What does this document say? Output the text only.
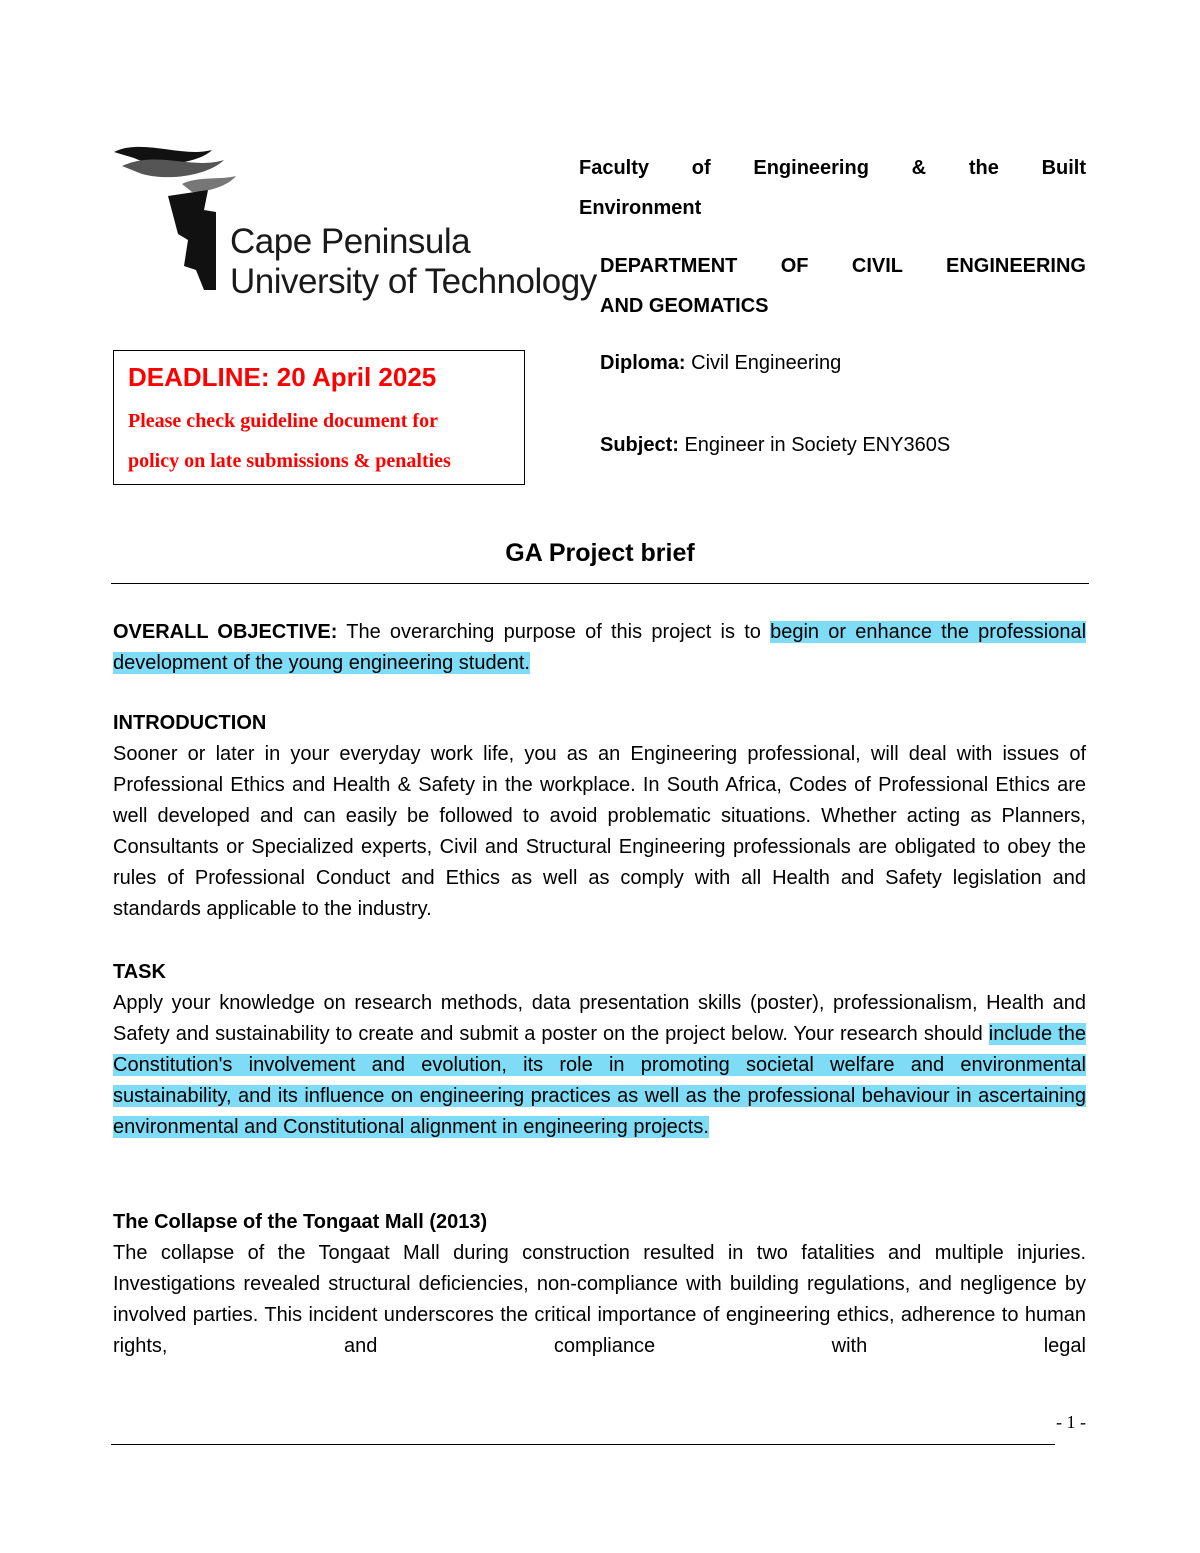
Cape Peninsula
University of Technology
Faculty of Engineering & the Built
Environment
DEPARTMENT OF CIVIL ENGINEERING
AND GEOMATICS
Diploma: Civil Engineering
Subject: Engineer in Society ENY360S
DEADLINE: 20 April 2025
Please check guideline document for
policy on late submissions & penalties
GA Project brief

OVERALL OBJECTIVE: The overarching purpose of this project is to begin or enhance the professional development of the young engineering student.

INTRODUCTION

Sooner or later in your everyday work life, you as an Engineering professional, will deal with issues of Professional Ethics and Health & Safety in the workplace. In South Africa, Codes of Professional Ethics are well developed and can easily be followed to avoid problematic situations. Whether acting as Planners, Consultants or Specialized experts, Civil and Structural Engineering professionals are obligated to obey the rules of Professional Conduct and Ethics as well as comply with all Health and Safety legislation and standards applicable to the industry.

TASK

Apply your knowledge on research methods, data presentation skills (poster), professionalism, Health and Safety and sustainability to create and submit a poster on the project below. Your research should include the Constitution's involvement and evolution, its role in promoting societal welfare and environmental sustainability, and its influence on engineering practices as well as the professional behaviour in ascertaining environmental and Constitutional alignment in engineering projects.

The Collapse of the Tongaat Mall (2013)

The collapse of the Tongaat Mall during construction resulted in two fatalities and multiple injuries. Investigations revealed structural deficiencies, non-compliance with building regulations, and negligence by involved parties. This incident underscores the critical importance of engineering ethics, adherence to human rights, and compliance with legal

- 1 -
